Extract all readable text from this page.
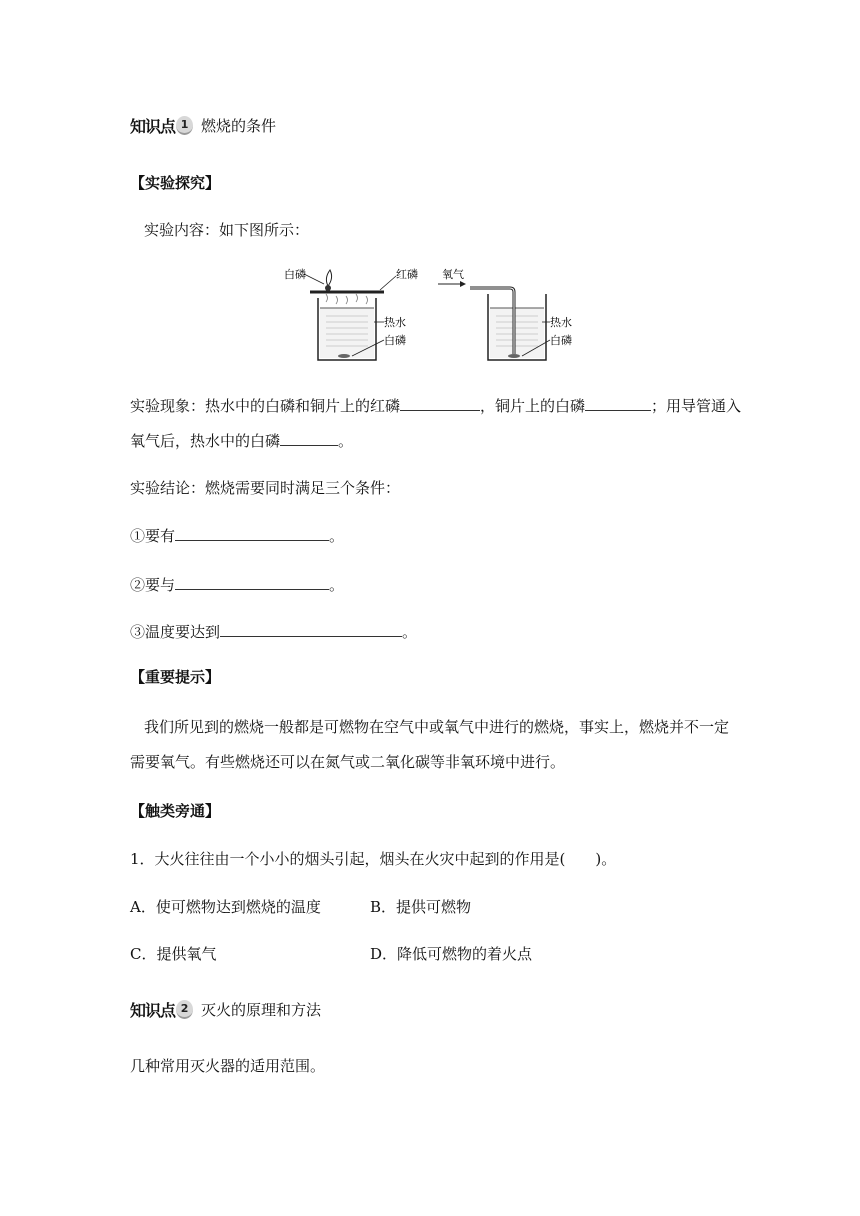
知识点 1 燃烧的条件
【实验探究】
实验内容：如下图所示：
白磷	红磷
热水
白磷
氧气
热水
白磷
实验现象：热水中的白磷和铜片上的红磷	，铜片上的白磷	；用导管通入
氧气后，热水中的白磷	。
实验结论：燃烧需要同时满足三个条件：
①要有	。
②要与	。
③温度要达到	。
【重要提示】
我们所见到的燃烧一般都是可燃物在空气中或氧气中进行的燃烧，事实上，燃烧并不一定
需要氧气。有些燃烧还可以在氮气或二氧化碳等非氧环境中进行。
【触类旁通】
1．大火往往由一个小小的烟头引起，烟头在火灾中起到的作用是(　　)。
A．使可燃物达到燃烧的温度	B．提供可燃物
C．提供氧气	D．降低可燃物的着火点
知识点 2 灭火的原理和方法
几种常用灭火器的适用范围。
